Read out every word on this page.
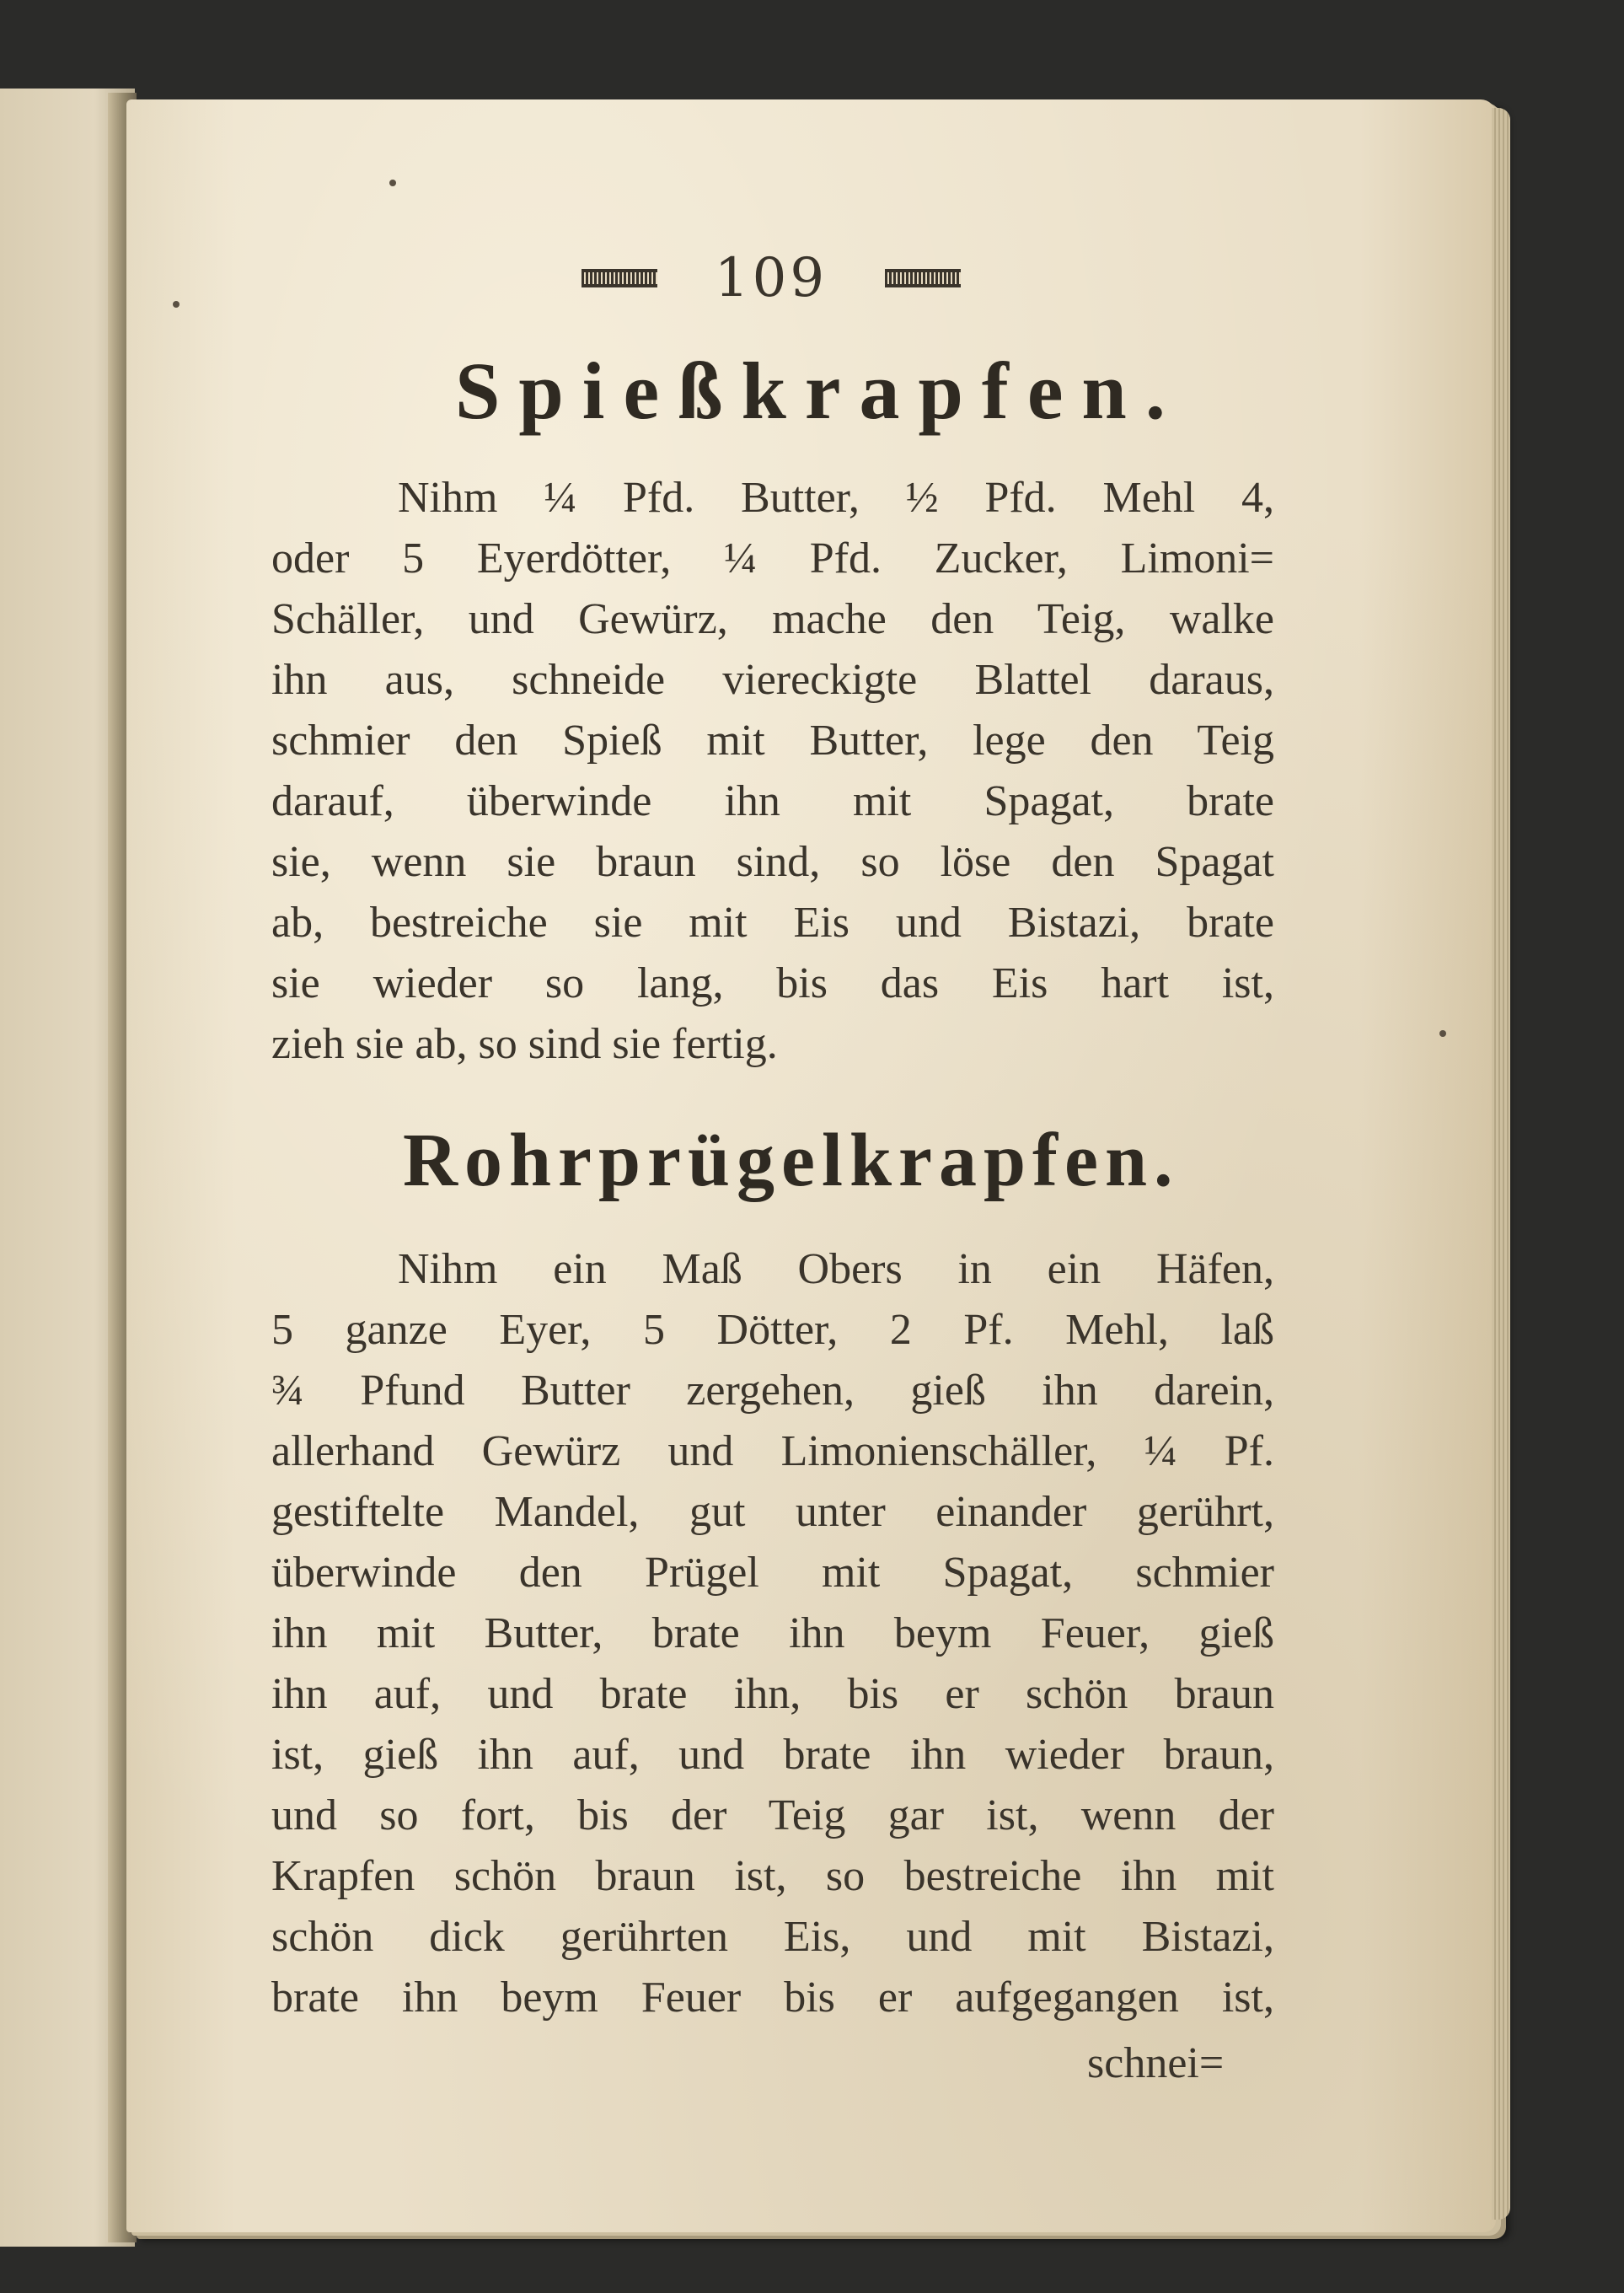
109
Spießkrapfen.
Nihm ¼ Pfd. Butter, ½ Pfd. Mehl 4,
oder 5 Eyerdötter, ¼ Pfd. Zucker, Limoni=
Schäller, und Gewürz, mache den Teig, walke
ihn aus, schneide viereckigte Blattel daraus,
schmier den Spieß mit Butter, lege den Teig
darauf, überwinde ihn mit Spagat, brate
sie, wenn sie braun sind, so löse den Spagat
ab, bestreiche sie mit Eis und Bistazi, brate
sie wieder so lang, bis das Eis hart ist,
zieh sie ab, so sind sie fertig.
Rohrprügelkrapfen.
Nihm ein Maß Obers in ein Häfen,
5 ganze Eyer, 5 Dötter, 2 Pf. Mehl, laß
¾ Pfund Butter zergehen, gieß ihn darein,
allerhand Gewürz und Limonienschäller, ¼ Pf.
gestiftelte Mandel, gut unter einander gerührt,
überwinde den Prügel mit Spagat, schmier
ihn mit Butter, brate ihn beym Feuer, gieß
ihn auf, und brate ihn, bis er schön braun
ist, gieß ihn auf, und brate ihn wieder braun,
und so fort, bis der Teig gar ist, wenn der
Krapfen schön braun ist, so bestreiche ihn mit
schön dick gerührten Eis, und mit Bistazi,
brate ihn beym Feuer bis er aufgegangen ist,
schnei=
